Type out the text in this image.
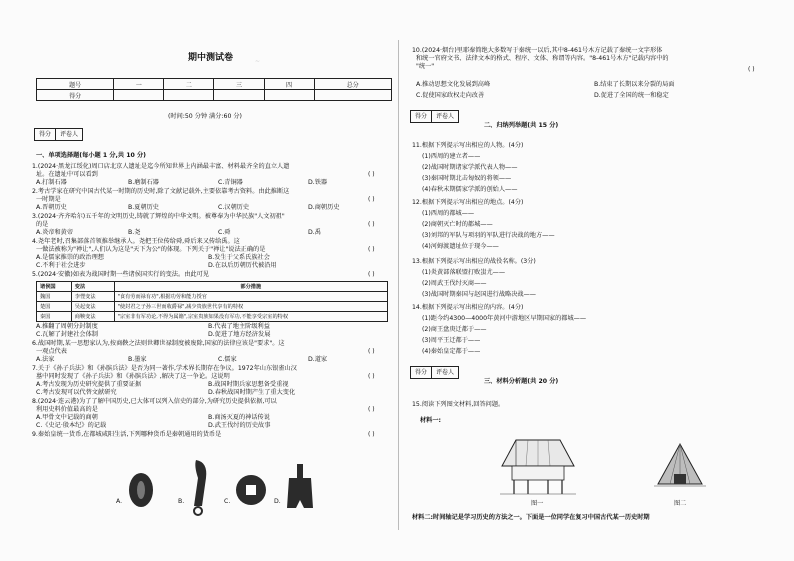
~
期中测试卷
题号	一	二	三	四	总分
得分					
(时间:50 分钟 满分:60 分)
得分	评卷人
一、单项选择题(每小题 1 分,共 10 分)
1.(2024·黑龙江绥化)周口店北京人遗址是迄今所知世界上内涵最丰富、材料最齐全的直立人遗
址。在遗址中可以看到	( )
A.打制石器	B.磨制石器	C.青铜器	D.铁器
2.考古学家在研究中国古代某一时期的历史时,除了文献记载外,主要依靠考古资料。由此推断这
一时期是	( )
A.晋朝历史	B.夏朝历史	C.汉朝历史	D.商朝历史
3.(2024·齐齐哈尔)五千年的文明历史,铸就了辉煌的中华文明。被尊奉为中华民族"人文初祖"
的是	( )
A.炎帝和黄帝	B.尧	C.舜	D.禹
4.尧年老时,召集部落首领推举继承人。尧把王位传给舜,舜后来又传给禹。这
一做法被称为"禅让",人们认为这是"天下为公"的体现。下列关于"禅让"说法正确的是	( )
A.是儒家推崇的政治理想	B.发生于父系氏族社会
C.不利于社会进步	D.在以后历朝历代被沿用
5.(2024·安徽)如表为战国时期一些诸侯国实行的变法。由此可见	( )
诸侯国	变法	部分措施
魏国	李悝变法	"食有劳而禄有功",根据功劳和能力授官
楚国	吴起变法	"使封君之子孙三世而收爵禄",减少贵族世代享有的特权
秦国	商鞅变法	"宗室非有军功论,不得为属籍",宗室贵族如果没有军功,不能享受宗室的特权
A.推翻了周朝分封制度	B.代表了地主阶级利益
C.瓦解了封建社会体制	D.促进了地方经济发展
6.战国时期,某一思想家认为,按商鞅之法则世卿世禄制度被废除,国家的法律应该是"要求"。这
一观点代表	( )
A.法家	B.墨家	C.儒家	D.道家
7.关于《孙子兵法》和《孙膑兵法》是否为同一著作,学术界长期存在争议。1972年山东银雀山汉
墓中同时发现了《孙子兵法》和《孙膑兵法》,解决了这一争论。这说明	( )
A.考古发现为历史研究提供了重要证据	B.战国时期兵家思想备受重视
C.考古发现可以代替文献研究	D.春秋战国时期产生了重大变化
8.(2024·连云港)为了了解中国历史,已大体可以列入信史的部分,为研究历史提供依据,可以
利用史料价值最高的是	( )
A.甲骨文中记载的商朝	B.商汤灭夏的神话传说
C.《史记·殷本纪》的记载	D.武王伐纣的历史故事
9.秦始皇统一货币,在都城咸阳生活,下列哪种货币是秦朝通用的货币是	( )
A.	B.	C.	D.
10.(2024·烟台)里耶秦简绝大多数写于秦统一以后,其中8-461号木方记载了秦统一文字形体
和统一官府文书、法律文本的格式、程序、文体、称谓等内容。"8-461号木方"记载内容中的
"统一"	( )
A.推动思想文化发展到高峰	B.结束了长期以来分裂的局面
C.促使国家政权走向改善	D.促进了全国的统一和稳定
得分	评卷人
二、归纳列举题(共 15 分)
11.根据下列提示写出相应的人物。(4分)
(1)西周的建立者——
(2)战国时期诸家学派代表人物——
(3)秦国时期北击匈奴的将领——
(4)春秋末期儒家学派的创始人——
12.根据下列提示写出相应的地点。(4分)
(1)西周的都城——
(2)商朝灭亡时的都城——
(3)刘邦的军队与项羽的军队进行决战的地方——
(4)河姆渡遗址位于现今——
13.根据下列提示写出相应的战役名称。(3分)
(1)炎黄部落联盟打败蚩尤——
(2)周武王伐纣灭商——
(3)战国时期秦国与赵国进行战略决战——
14.根据下列提示写出相应的内容。(4分)
(1)距今约4300—4000年黄河中游地区早期国家的都城——
(2)商王盘庚迁都于——
(3)周平王迁都于——
(4)秦始皇定都于——
得分	评卷人
三、材料分析题(共 20 分)
15.阅读下列图文材料,回答问题。
材料一:
图一	图二
材料二:时间轴记是学习历史的方法之一。下面是一位同学在复习中国古代某一历史时期
